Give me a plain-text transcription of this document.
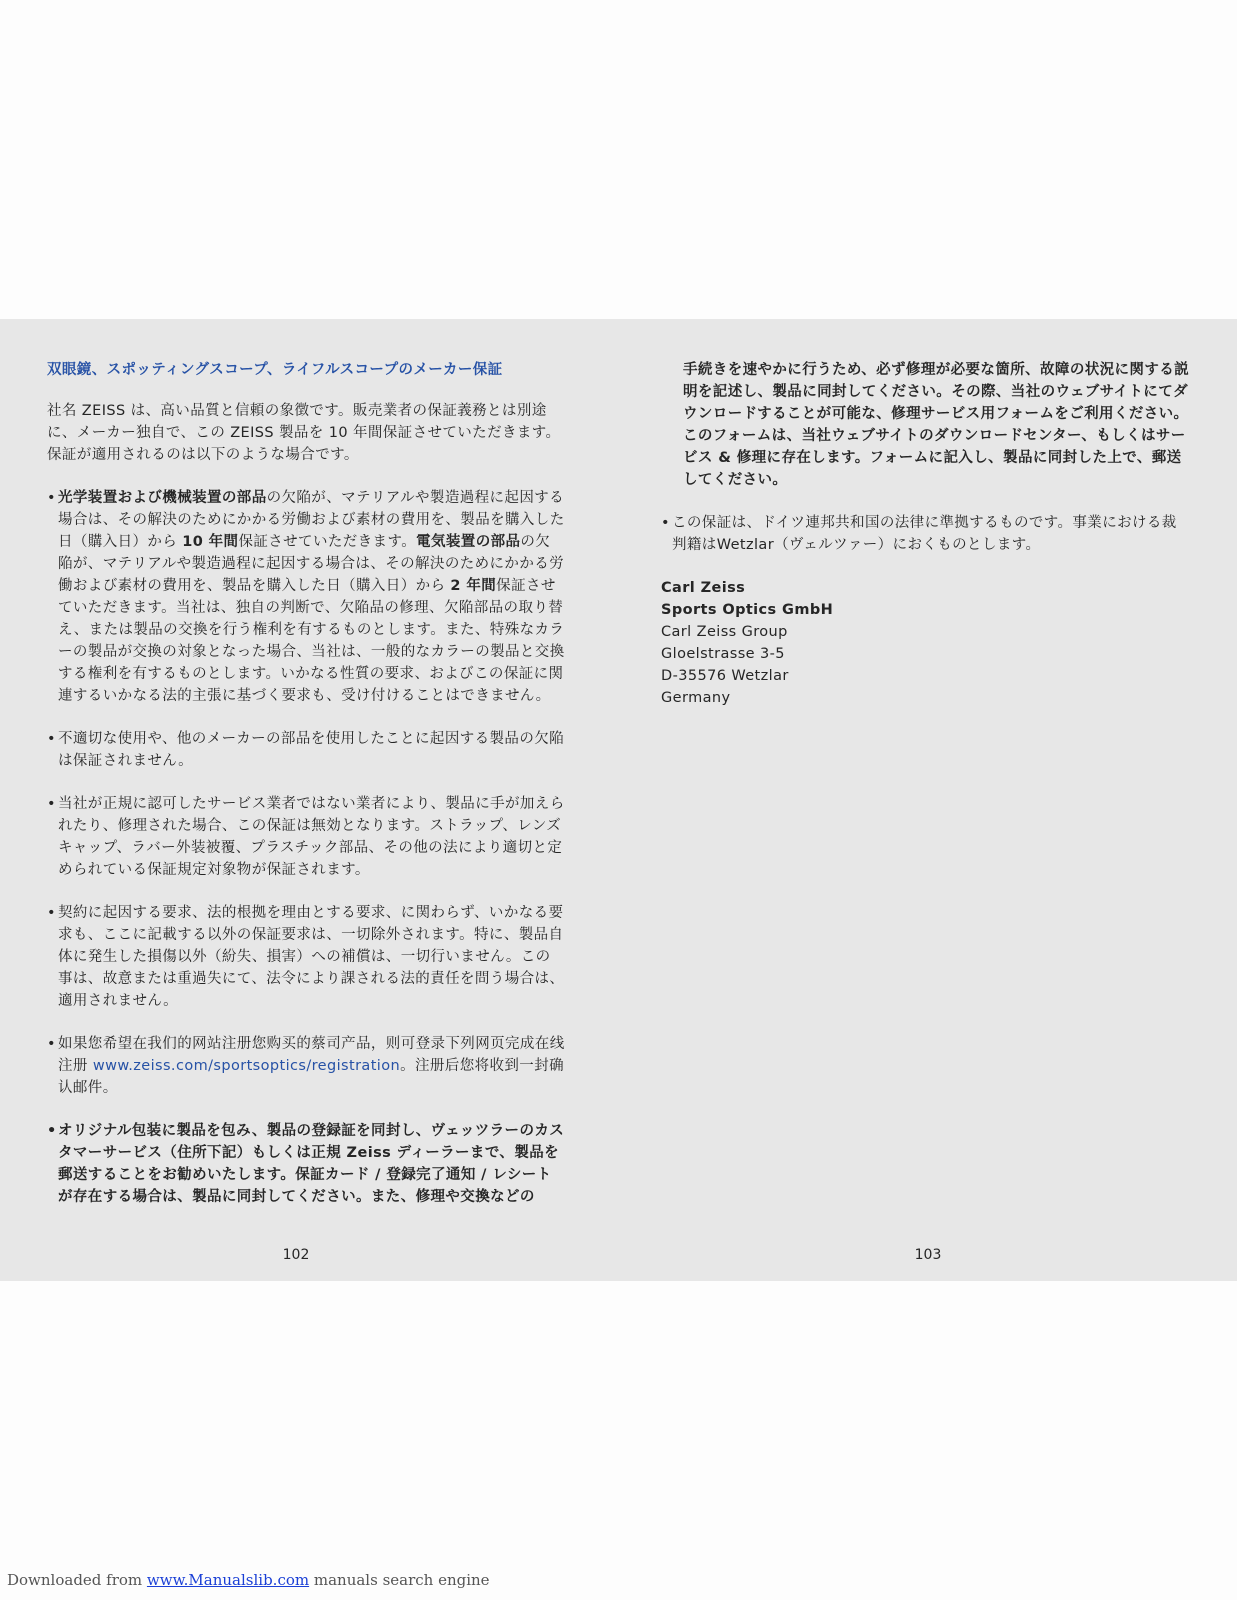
双眼鏡、スポッティングスコープ、ライフルスコープのメーカー保証
社名 ZEISS は、高い品質と信頼の象徴です。販売業者の保証義務とは別途に、メーカー独自で、この ZEISS 製品を 10 年間保証させていただきます。保証が適用されるのは以下のような場合です。
• 光学装置および機械装置の部品の欠陥が、マテリアルや製造過程に起因する場合は、その解決のためにかかる労働および素材の費用を、製品を購入した日（購入日）から 10 年間保証させていただきます。電気装置の部品の欠陥が、マテリアルや製造過程に起因する場合は、その解決のためにかかる労働および素材の費用を、製品を購入した日（購入日）から 2 年間保証させていただきます。当社は、独自の判断で、欠陥品の修理、欠陥部品の取り替え、または製品の交換を行う権利を有するものとします。また、特殊なカラーの製品が交換の対象となった場合、当社は、一般的なカラーの製品と交換する権利を有するものとします。いかなる性質の要求、およびこの保証に関連するいかなる法的主張に基づく要求も、受け付けることはできません。
• 不適切な使用や、他のメーカーの部品を使用したことに起因する製品の欠陥は保証されません。
• 当社が正規に認可したサービス業者ではない業者により、製品に手が加えられたり、修理された場合、この保証は無効となります。ストラップ、レンズキャップ、ラバー外装被覆、プラスチック部品、その他の法により適切と定められている保証規定対象物が保証されます。
• 契約に起因する要求、法的根拠を理由とする要求、に関わらず、いかなる要求も、ここに記載する以外の保証要求は、一切除外されます。特に、製品自体に発生した損傷以外（紛失、損害）への補償は、一切行いません。この事は、故意または重過失にて、法令により課される法的責任を問う場合は、適用されません。
• 如果您希望在我们的网站注册您购买的蔡司产品，则可登录下列网页完成在线注册 www.zeiss.com/sportsoptics/registration。注册后您将收到一封确认邮件。
• オリジナル包装に製品を包み、製品の登録証を同封し、ヴェッツラーのカスタマーサービス（住所下記）もしくは正規 Zeiss ディーラーまで、製品を郵送することをお勧めいたします。保証カード / 登録完了通知 / レシートが存在する場合は、製品に同封してください。また、修理や交換などの
手続きを速やかに行うため、必ず修理が必要な箇所、故障の状況に関する説明を記述し、製品に同封してください。その際、当社のウェブサイトにてダウンロードすることが可能な、修理サービス用フォームをご利用ください。このフォームは、当社ウェブサイトのダウンロードセンター、もしくはサービス & 修理に存在します。フォームに記入し、製品に同封した上で、郵送してください。
• この保証は、ドイツ連邦共和国の法律に準拠するものです。事業における裁判籍はWetzlar（ヴェルツァー）におくものとします。
Carl Zeiss
Sports Optics GmbH
Carl Zeiss Group
Gloelstrasse 3-5
D-35576 Wetzlar
Germany
102	103
Downloaded from www.Manualslib.com manuals search engine
